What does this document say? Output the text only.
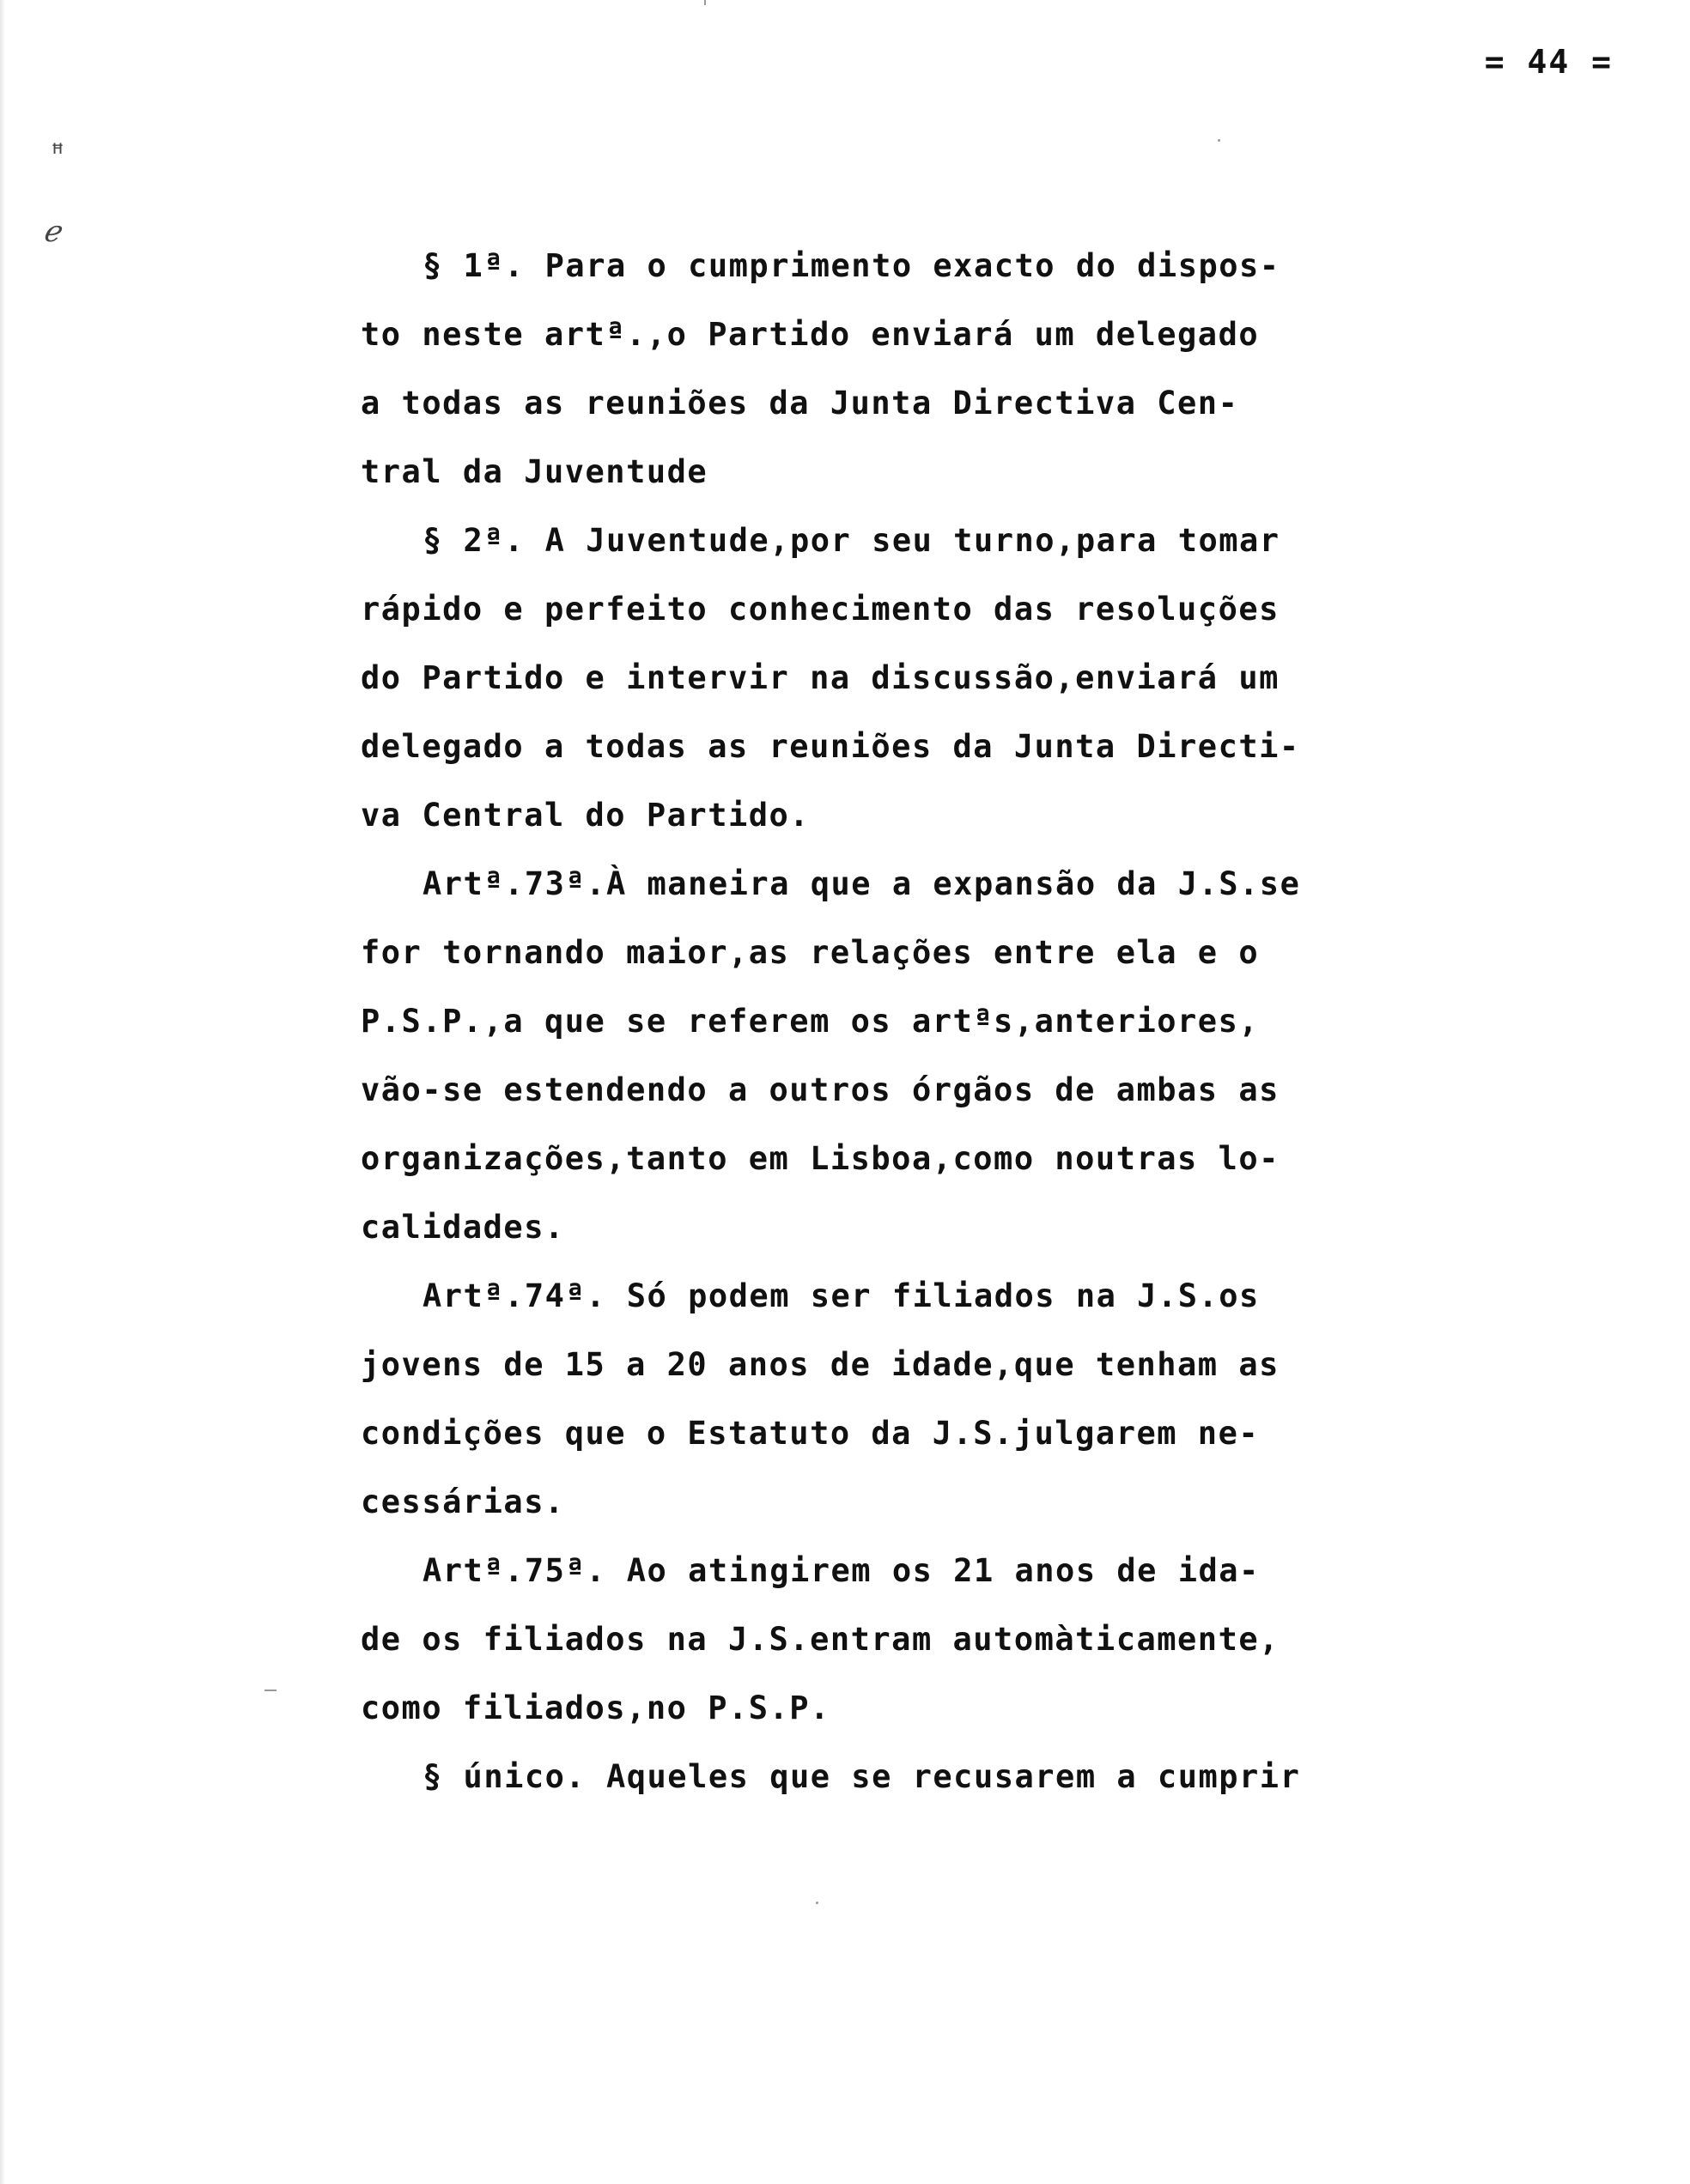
= 44 =
ꟸ
ℯ
§ 1ª. Para o cumprimento exacto do dispos-
to neste artª.,o Partido enviará um delegado
a todas as reuniões da Junta Directiva Cen-
tral da Juventude
§ 2ª. A Juventude,por seu turno,para tomar
rápido e perfeito conhecimento das resoluções
do Partido e intervir na discussão,enviará um
delegado a todas as reuniões da Junta Directi-
va Central do Partido.
Artª.73ª.À maneira que a expansão da J.S.se
for tornando maior,as relações entre ela e o
P.S.P.,a que se referem os artªs,anteriores,
vão-se estendendo a outros órgãos de ambas as
organizações,tanto em Lisboa,como noutras lo-
calidades.
Artª.74ª. Só podem ser filiados na J.S.os
jovens de 15 a 20 anos de idade,que tenham as
condições que o Estatuto da J.S.julgarem ne-
cessárias.
Artª.75ª. Ao atingirem os 21 anos de ida-
de os filiados na J.S.entram automàticamente,
como filiados,no P.S.P.
§ único. Aqueles que se recusarem a cumprir
